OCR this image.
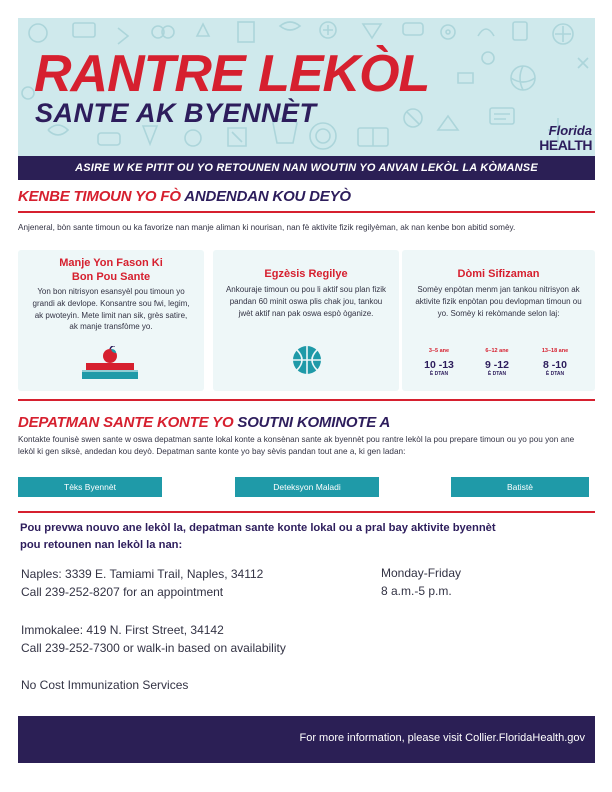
RANTRE LEKÒL
SANTE AK BYENNÈT
Florida
HEALTH
ASIRE W KE PITIT OU YO RETOUNEN NAN WOUTIN YO ANVAN LEKÒL LA KÒMANSE
KENBE TIMOUN YO FÒ ANDENDAN KOU DEYÒ
Anjeneral, bòn sante timoun ou ka favorize nan manje aliman ki nourisan, nan fè aktivite fizik regilyèman, ak nan kenbe bon abitid somèy.
Manje Yon Fason Ki
Bon Pou Sante
Yon bon nitrisyon esansyèl pou timoun yo grandi ak devlope. Konsantre sou fwi, legim, ak pwoteyin. Mete limit nan sik, grès satire, ak manje transfòme yo.
Egzèsis Regilye
Ankouraje timoun ou pou li aktif sou plan fizik pandan 60 minit oswa plis chak jou, tankou jwèt aktif nan pak oswa espò òganize.
Dòmi Sifizaman
Somèy enpòtan menm jan tankou nitrisyon ak aktivite fizik enpòtan pou devlopman timoun ou yo. Somèy ki rekòmande selon laj:
3–5 ane
10 -13
È DTAN
6–12 ane
9 -12
È DTAN
13–18 ane
8 -10
È DTAN
DEPATMAN SANTE KONTE YO SOUTNI KOMINOTE A
Kontakte founisè swen sante w oswa depatman sante lokal konte a konsènan sante ak byennèt pou rantre lekòl la pou prepare timoun ou yo pou yon ane lekòl ki gen siksè, andedan kou deyò. Depatman sante konte yo bay sèvis pandan tout ane a, ki gen ladan:
Tèks Byennèt	Deteksyon Maladi	Batistè
Pou prevwa nouvo ane lekòl la, depatman sante konte lokal ou a pral bay aktivite byennèt
pou retounen nan lekòl la nan:
Naples: 3339 E. Tamiami Trail, Naples, 34112
Call 239-252-8207 for an appointment
Monday-Friday
8 a.m.-5 p.m.
Immokalee: 419 N. First Street, 34142
Call 239-252-7300 or walk-in based on availability
No Cost Immunization Services
For more information, please visit Collier.FloridaHealth.gov
